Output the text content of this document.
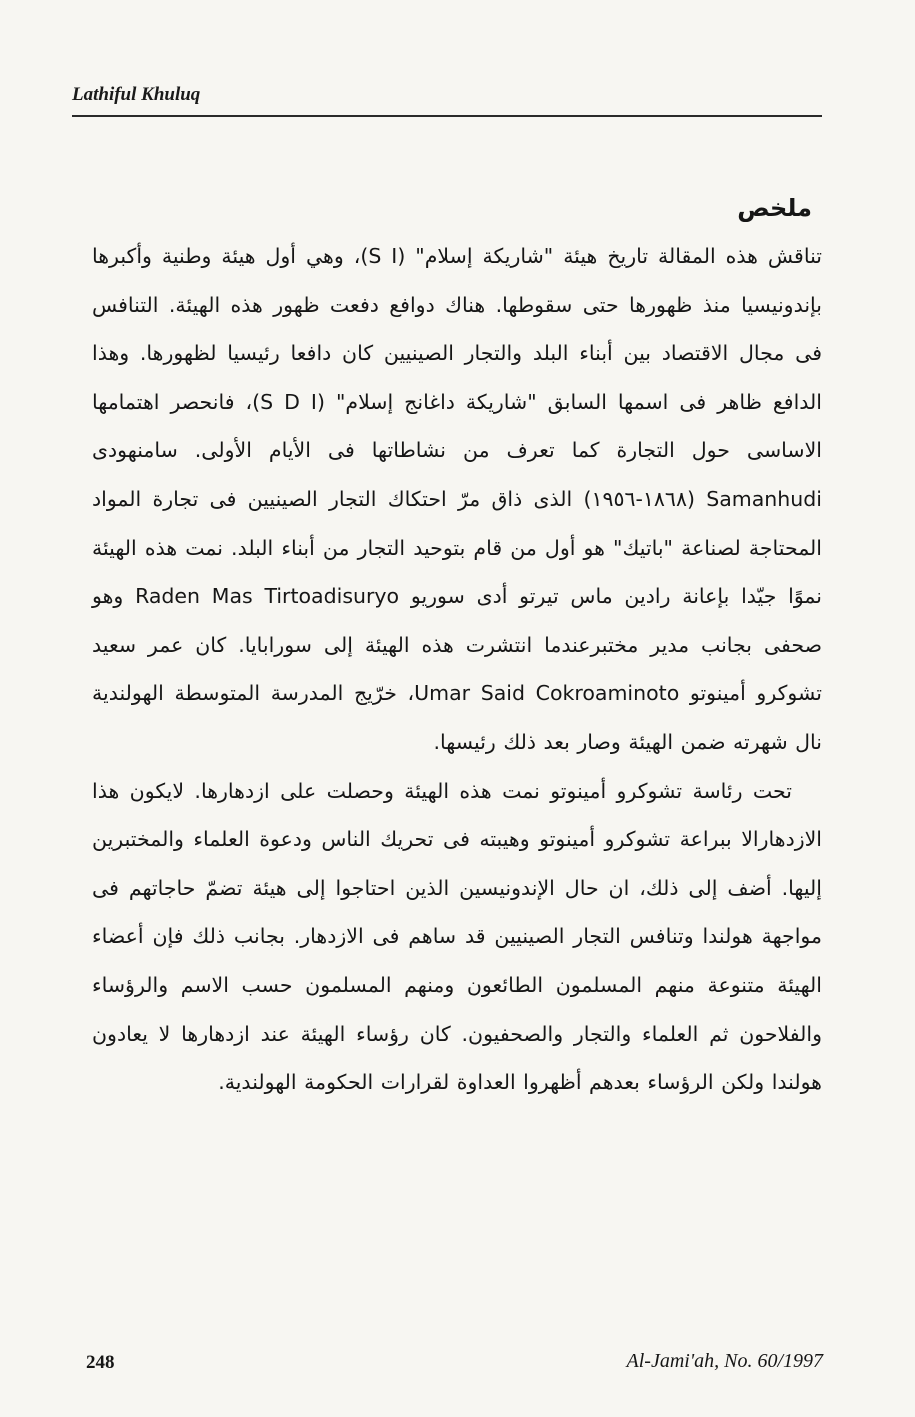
Lathiful Khuluq
ملخص

تناقش هذه المقالة تاريخ هيئة "شاريكة إسلام" (S I)، وهي أول هيئة وطنية وأكبرها بإندونيسيا منذ ظهورها حتى سقوطها. هناك دوافع دفعت ظهور هذه الهيئة. التنافس فى مجال الاقتصاد بين أبناء البلد والتجار الصينيين كان دافعا رئيسيا لظهورها. وهذا الدافع ظاهر فى اسمها السابق "شاريكة داغانج إسلام" (S D I)، فانحصر اهتمامها الاساسى حول التجارة كما تعرف من نشاطاتها فى الأيام الأولى. سامنهودى Samanhudi (١٨٦٨-١٩٥٦) الذى ذاق مرّ احتكاك التجار الصينيين فى تجارة المواد المحتاجة لصناعة "باتيك" هو أول من قام بتوحيد التجار من أبناء البلد. نمت هذه الهيئة نموًا جيّدا بإعانة رادين ماس تيرتو أدى سوريو Raden Mas Tirtoadisuryo وهو صحفى بجانب مدير مختبرعندما انتشرت هذه الهيئة إلى سورابايا. كان عمر سعيد تشوكرو أمينوتو Umar Said Cokroaminoto، خرّيج المدرسة المتوسطة الهولندية نال شهرته ضمن الهيئة وصار بعد ذلك رئيسها.

تحت رئاسة تشوكرو أمينوتو نمت هذه الهيئة وحصلت على ازدهارها. لايكون هذا الازدهارالا ببراعة تشوكرو أمينوتو وهيبته فى تحريك الناس ودعوة العلماء والمختبرين إليها. أضف إلى ذلك، ان حال الإندونيسين الذين احتاجوا إلى هيئة تضمّ حاجاتهم فى مواجهة هولندا وتنافس التجار الصينيين قد ساهم فى الازدهار. بجانب ذلك فإن أعضاء الهيئة متنوعة منهم المسلمون الطائعون ومنهم المسلمون حسب الاسم والرؤساء والفلاحون ثم العلماء والتجار والصحفيون. كان رؤساء الهيئة عند ازدهارها لا يعادون هولندا ولكن الرؤساء بعدهم أظهروا العداوة لقرارات الحكومة الهولندية.

248	Al-Jami'ah, No. 60/1997
